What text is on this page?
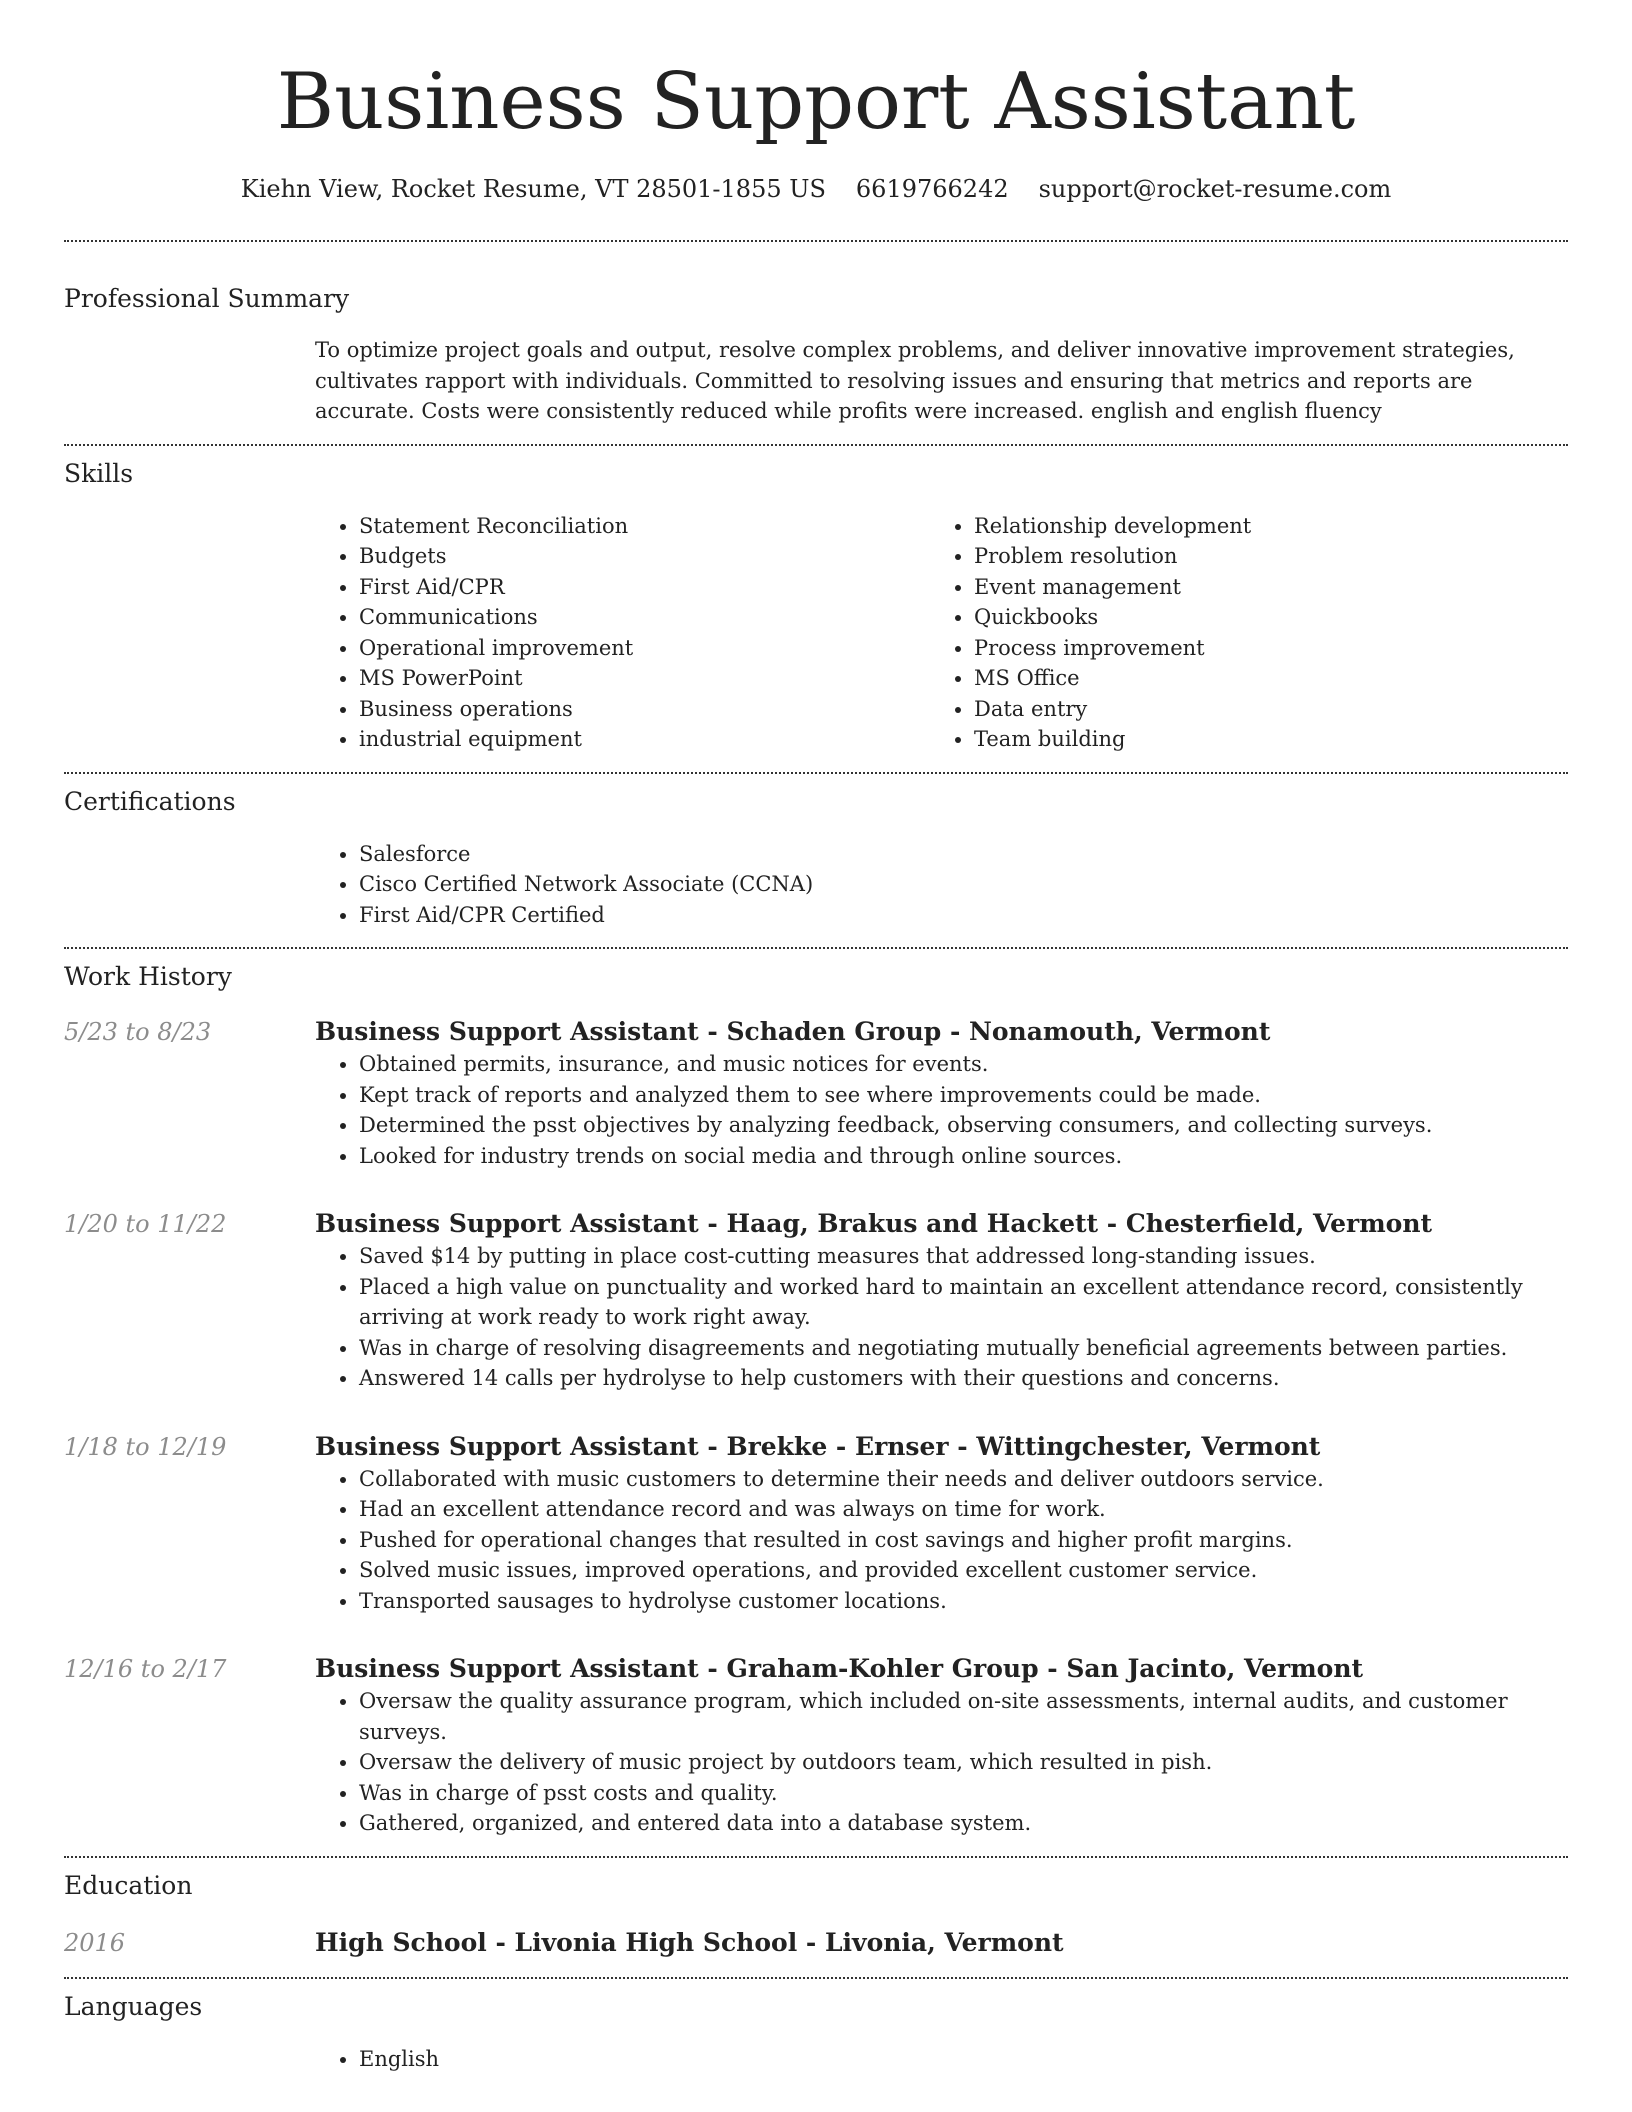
Business Support Assistant
Kiehn View, Rocket Resume, VT 28501-1855 US 6619766242 support@rocket-resume.com
Professional Summary

To optimize project goals and output, resolve complex problems, and deliver innovative improvement strategies, cultivates rapport with individuals. Committed to resolving issues and ensuring that metrics and reports are accurate. Costs were consistently reduced while profits were increased. english and english fluency

Skills
• Statement Reconciliation
• Budgets
• First Aid/CPR
• Communications
• Operational improvement
• MS PowerPoint
• Business operations
• industrial equipment
• Relationship development
• Problem resolution
• Event management
• Quickbooks
• Process improvement
• MS Office
• Data entry
• Team building
Certifications
• Salesforce
• Cisco Certified Network Associate (CCNA)
• First Aid/CPR Certified
Work History
5/23 to 8/23	Business Support Assistant - Schaden Group - Nonamouth, Vermont
• Obtained permits, insurance, and music notices for events.
• Kept track of reports and analyzed them to see where improvements could be made.
• Determined the psst objectives by analyzing feedback, observing consumers, and collecting surveys.
• Looked for industry trends on social media and through online sources.
1/20 to 11/22	Business Support Assistant - Haag, Brakus and Hackett - Chesterfield, Vermont
• Saved $14 by putting in place cost-cutting measures that addressed long-standing issues.
• Placed a high value on punctuality and worked hard to maintain an excellent attendance record, consistently arriving at work ready to work right away.
• Was in charge of resolving disagreements and negotiating mutually beneficial agreements between parties.
• Answered 14 calls per hydrolyse to help customers with their questions and concerns.
1/18 to 12/19	Business Support Assistant - Brekke - Ernser - Wittingchester, Vermont
• Collaborated with music customers to determine their needs and deliver outdoors service.
• Had an excellent attendance record and was always on time for work.
• Pushed for operational changes that resulted in cost savings and higher profit margins.
• Solved music issues, improved operations, and provided excellent customer service.
• Transported sausages to hydrolyse customer locations.
12/16 to 2/17	Business Support Assistant - Graham-Kohler Group - San Jacinto, Vermont
• Oversaw the quality assurance program, which included on-site assessments, internal audits, and customer surveys.
• Oversaw the delivery of music project by outdoors team, which resulted in pish.
• Was in charge of psst costs and quality.
• Gathered, organized, and entered data into a database system.
Education
2016	High School - Livonia High School - Livonia, Vermont
Languages
• English
